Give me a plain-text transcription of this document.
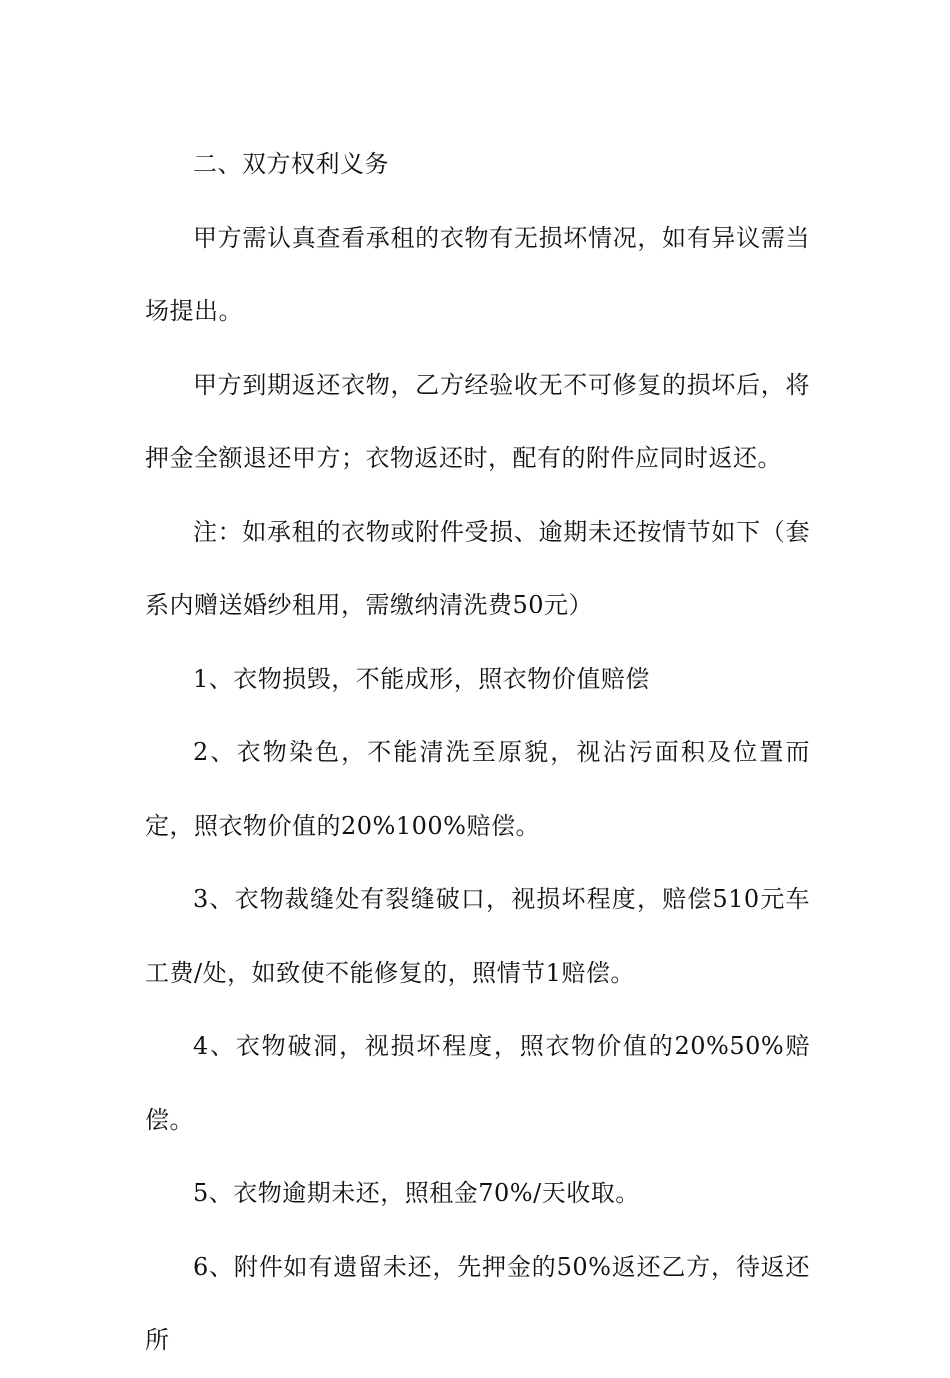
二、双方权利义务

甲方需认真查看承租的衣物有无损坏情况，如有异议需当场提出。

甲方到期返还衣物，乙方经验收无不可修复的损坏后，将押金全额退还甲方；衣物返还时，配有的附件应同时返还。

注：如承租的衣物或附件受损、逾期未还按情节如下（套系内赠送婚纱租用，需缴纳清洗费50元）

1、衣物损毁，不能成形，照衣物价值赔偿

2、衣物染色，不能清洗至原貌，视沾污面积及位置而定，照衣物价值的20%100%赔偿。

3、衣物裁缝处有裂缝破口，视损坏程度，赔偿510元车工费/处，如致使不能修复的，照情节1赔偿。

4、衣物破洞，视损坏程度，照衣物价值的20%50%赔偿。

5、衣物逾期未还，照租金70%/天收取。

6、附件如有遗留未还，先押金的50%返还乙方，待返还所
